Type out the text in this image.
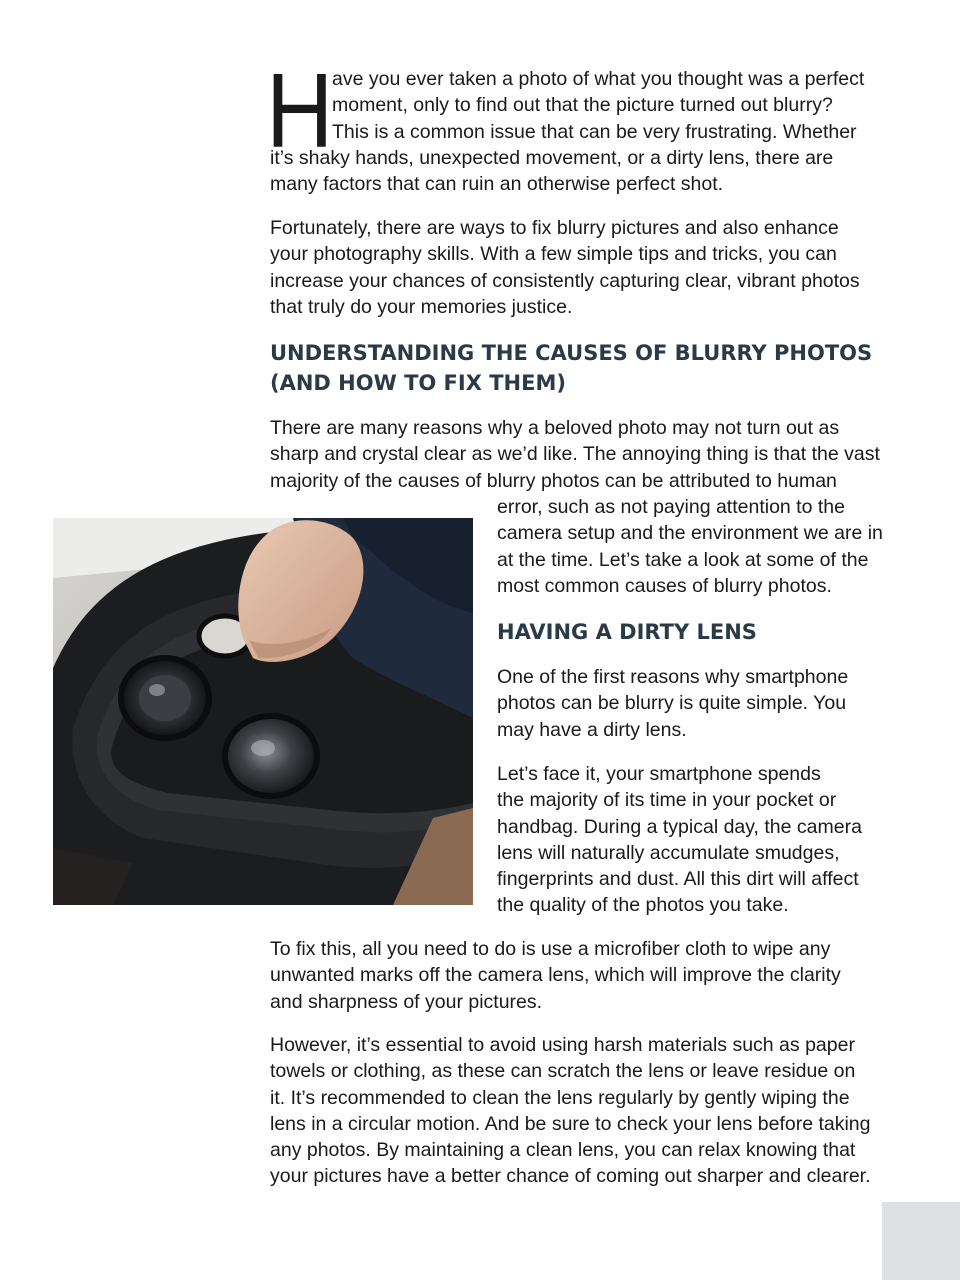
H

ave you ever taken a photo of what you thought was a perfect
moment, only to find out that the picture turned out blurry?
This is a common issue that can be very frustrating. Whether

it’s shaky hands, unexpected movement, or a dirty lens, there are
many factors that can ruin an otherwise perfect shot.

Fortunately, there are ways to fix blurry pictures and also enhance
your photography skills. With a few simple tips and tricks, you can
increase your chances of consistently capturing clear, vibrant photos
that truly do your memories justice.

UNDERSTANDING THE CAUSES OF BLURRY PHOTOS
(AND HOW TO FIX THEM)

There are many reasons why a beloved photo may not turn out as
sharp and crystal clear as we’d like. The annoying thing is that the vast
majority of the causes of blurry photos can be attributed to human

error, such as not paying attention to the
camera setup and the environment we are in
at the time. Let’s take a look at some of the
most common causes of blurry photos.

HAVING A DIRTY LENS

One of the first reasons why smartphone
photos can be blurry is quite simple. You
may have a dirty lens.

Let’s face it, your smartphone spends
the majority of its time in your pocket or
handbag. During a typical day, the camera
lens will naturally accumulate smudges,
fingerprints and dust. All this dirt will affect
the quality of the photos you take.

To fix this, all you need to do is use a microfiber cloth to wipe any
unwanted marks off the camera lens, which will improve the clarity
and sharpness of your pictures.

However, it’s essential to avoid using harsh materials such as paper
towels or clothing, as these can scratch the lens or leave residue on
it. It’s recommended to clean the lens regularly by gently wiping the
lens in a circular motion. And be sure to check your lens before taking
any photos. By maintaining a clean lens, you can relax knowing that
your pictures have a better chance of coming out sharper and clearer.
